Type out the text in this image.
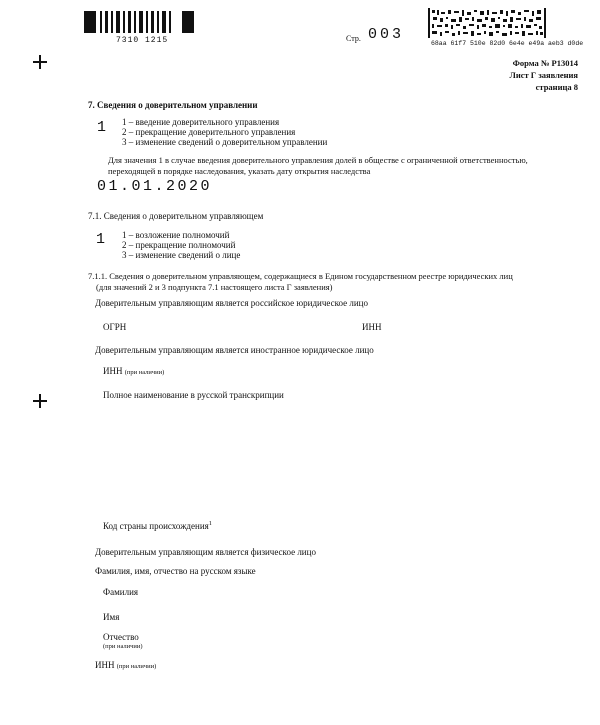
7310 1215	Стр. 003
68aa 61f7 510e 82d0 6e4e e49a aeb3 d0de
Форма № Р13014
Лист Г заявления
страница 8
7. Сведения о доверительном управлении
1 1 – введение доверительного управления
2 – прекращение доверительного управления
3 – изменение сведений о доверительном управлении
Для значения 1 в случае введения доверительного управления долей в обществе с ограниченной ответственностью,
переходящей в порядке наследования, указать дату открытия наследства
01.01.2020
7.1. Сведения о доверительном управляющем
1 1 – возложение полномочий
2 – прекращение полномочий
3 – изменение сведений о лице
7.1.1. Сведения о доверительном управляющем, содержащиеся в Едином государственном реестре юридических лиц
(для значений 2 и 3 подпункта 7.1 настоящего листа Г заявления)
Доверительным управляющим является российское юридическое лицо
ОГРН	ИНН
Доверительным управляющим является иностранное юридическое лицо
ИНН (при наличии)
Полное наименование в русской транскрипции
Код страны происхождения$^1$
Доверительным управляющим является физическое лицо
Фамилия, имя, отчество на русском языке
Фамилия
Имя
Отчество
(при наличии)
ИНН (при наличии)
